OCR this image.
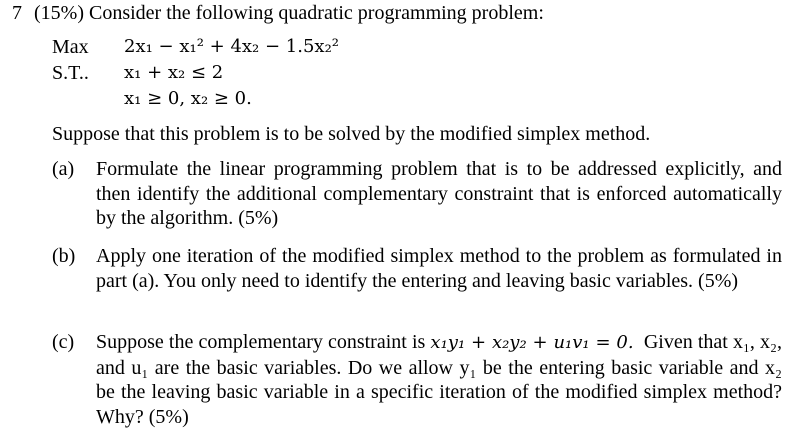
7 (15%) Consider the following quadratic programming problem:
Max 2x₁ − x₁² + 4x₂ − 1.5x₂²
S.T.. x₁ + x₂ ≤ 2
x₁ ≥ 0, x₂ ≥ 0.
Suppose that this problem is to be solved by the modified simplex method.
(a) Formulate the linear programming problem that is to be addressed explicitly, and then identify the additional complementary constraint that is enforced automatically by the algorithm. (5%)
(b) Apply one iteration of the modified simplex method to the problem as formulated in part (a). You only need to identify the entering and leaving basic variables. (5%)
(c) Suppose the complementary constraint is x₁y₁ + x₂y₂ + u₁v₁ = 0. Given that x₁, x₂, and u₁ are the basic variables. Do we allow y₁ be the entering basic variable and x₂ be the leaving basic variable in a specific iteration of the modified simplex method? Why? (5%)
